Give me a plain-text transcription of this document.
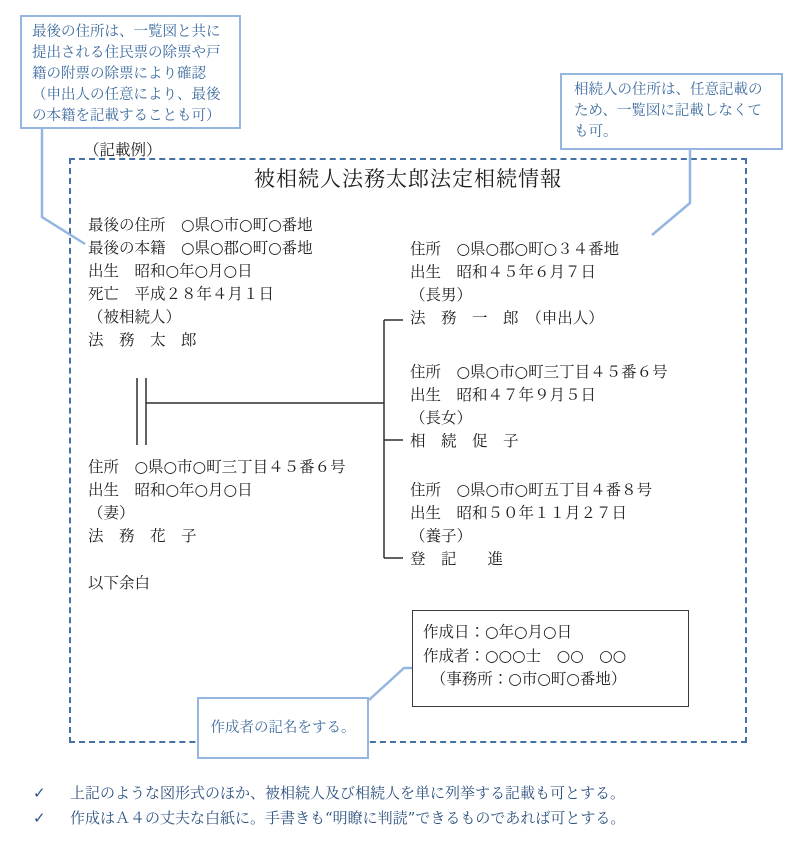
最後の住所は、一覧図と共に
提出される住民票の除票や戸
籍の附票の除票により確認
（申出人の任意により、最後
の本籍を記載することも可）
相続人の住所は、任意記載の
ため、一覧図に記載しなくて
も可。
（記載例）
被相続人法務太郎法定相続情報
最後の住所　○県○市○町○番地
最後の本籍　○県○郡○町○番地
出生　昭和○年○月○日
死亡　平成２８年４月１日
（被相続人）
法　務　太　郎
住所　○県○市○町三丁目４５番６号
出生　昭和○年○月○日
（妻）
法　務　花　子
以下余白
住所　○県○郡○町○３４番地
出生　昭和４５年６月７日
（長男）
法　務　一　郎　（申出人）
住所　○県○市○町三丁目４５番６号
出生　昭和４７年９月５日
（長女）
相　続　促　子
住所　○県○市○町五丁目４番８号
出生　昭和５０年１１月２７日
（養子）
登　記　　進
作成日：○年○月○日
作成者：○○○士　○○　○○
　（事務所：○市○町○番地）
作成者の記名をする。
✓	上記のような図形式のほか、被相続人及び相続人を単に列挙する記載も可とする。
✓	作成はＡ４の丈夫な白紙に。手書きも“明瞭に判読”できるものであれば可とする。
